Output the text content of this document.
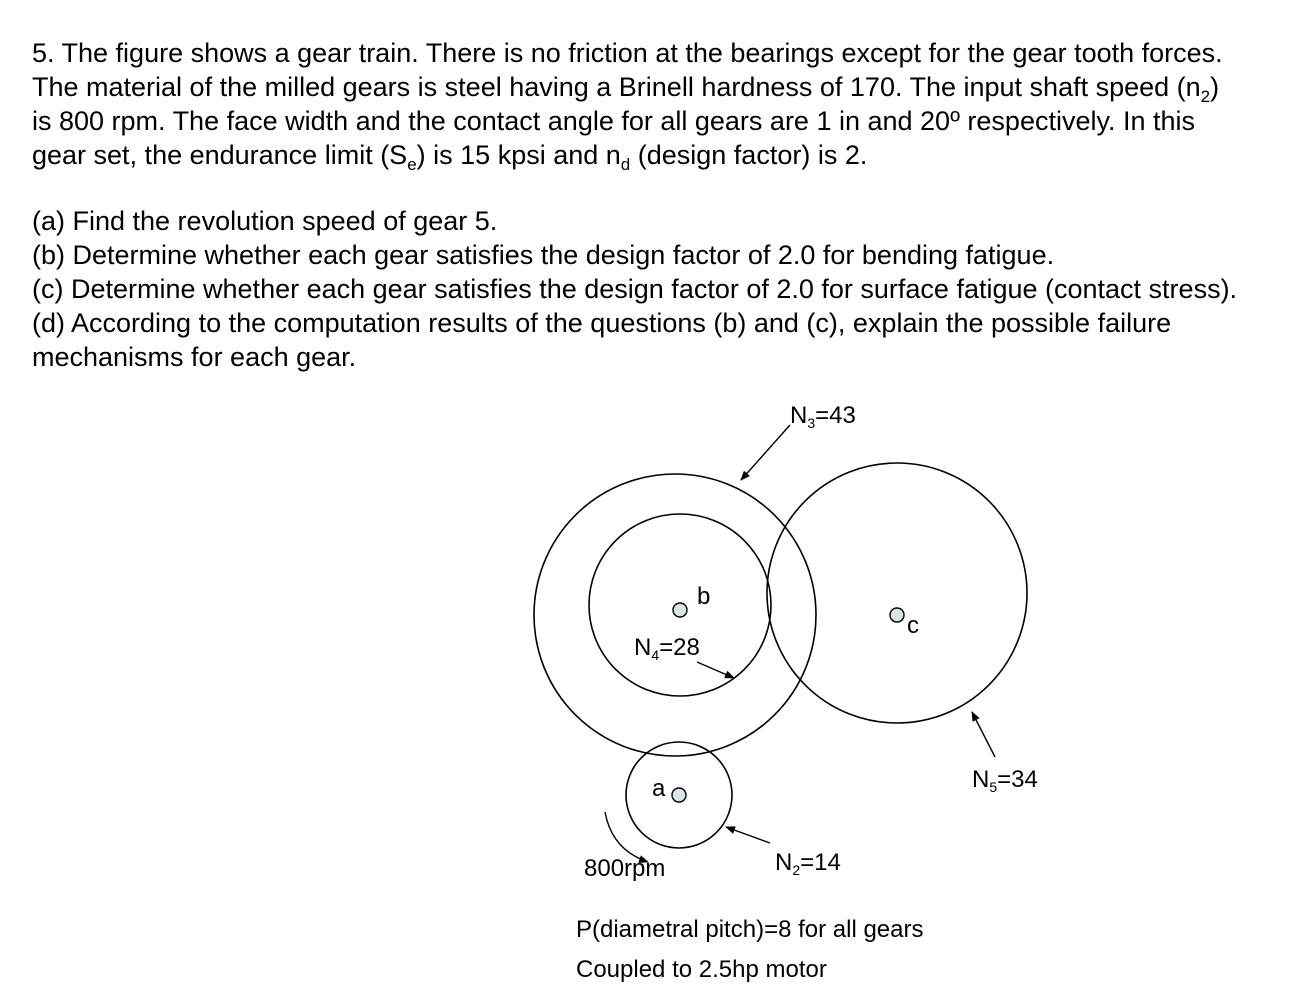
5. The figure shows a gear train. There is no friction at the bearings except for the gear tooth forces.

The material of the milled gears is steel having a Brinell hardness of 170. The input shaft speed $(n_2)$

is 800 rpm. The face width and the contact angle for all gears are 1 in and 20º respectively. In this

gear set, the endurance limit $(S_e)$ is 15 kpsi and $n_d$ (design factor) is 2.

(a) Find the revolution speed of gear 5.

(b) Determine whether each gear satisfies the design factor of 2.0 for bending fatigue.

(c) Determine whether each gear satisfies the design factor of 2.0 for surface fatigue (contact stress).

(d) According to the computation results of the questions (b) and (c), explain the possible failure

mechanisms for each gear.

$N_3=43$
$N_4=28$
$N_5=34$
$N_2=14$
b
c
a
800rpm
P(diametral pitch)=8 for all gears
Coupled to 2.5hp motor
